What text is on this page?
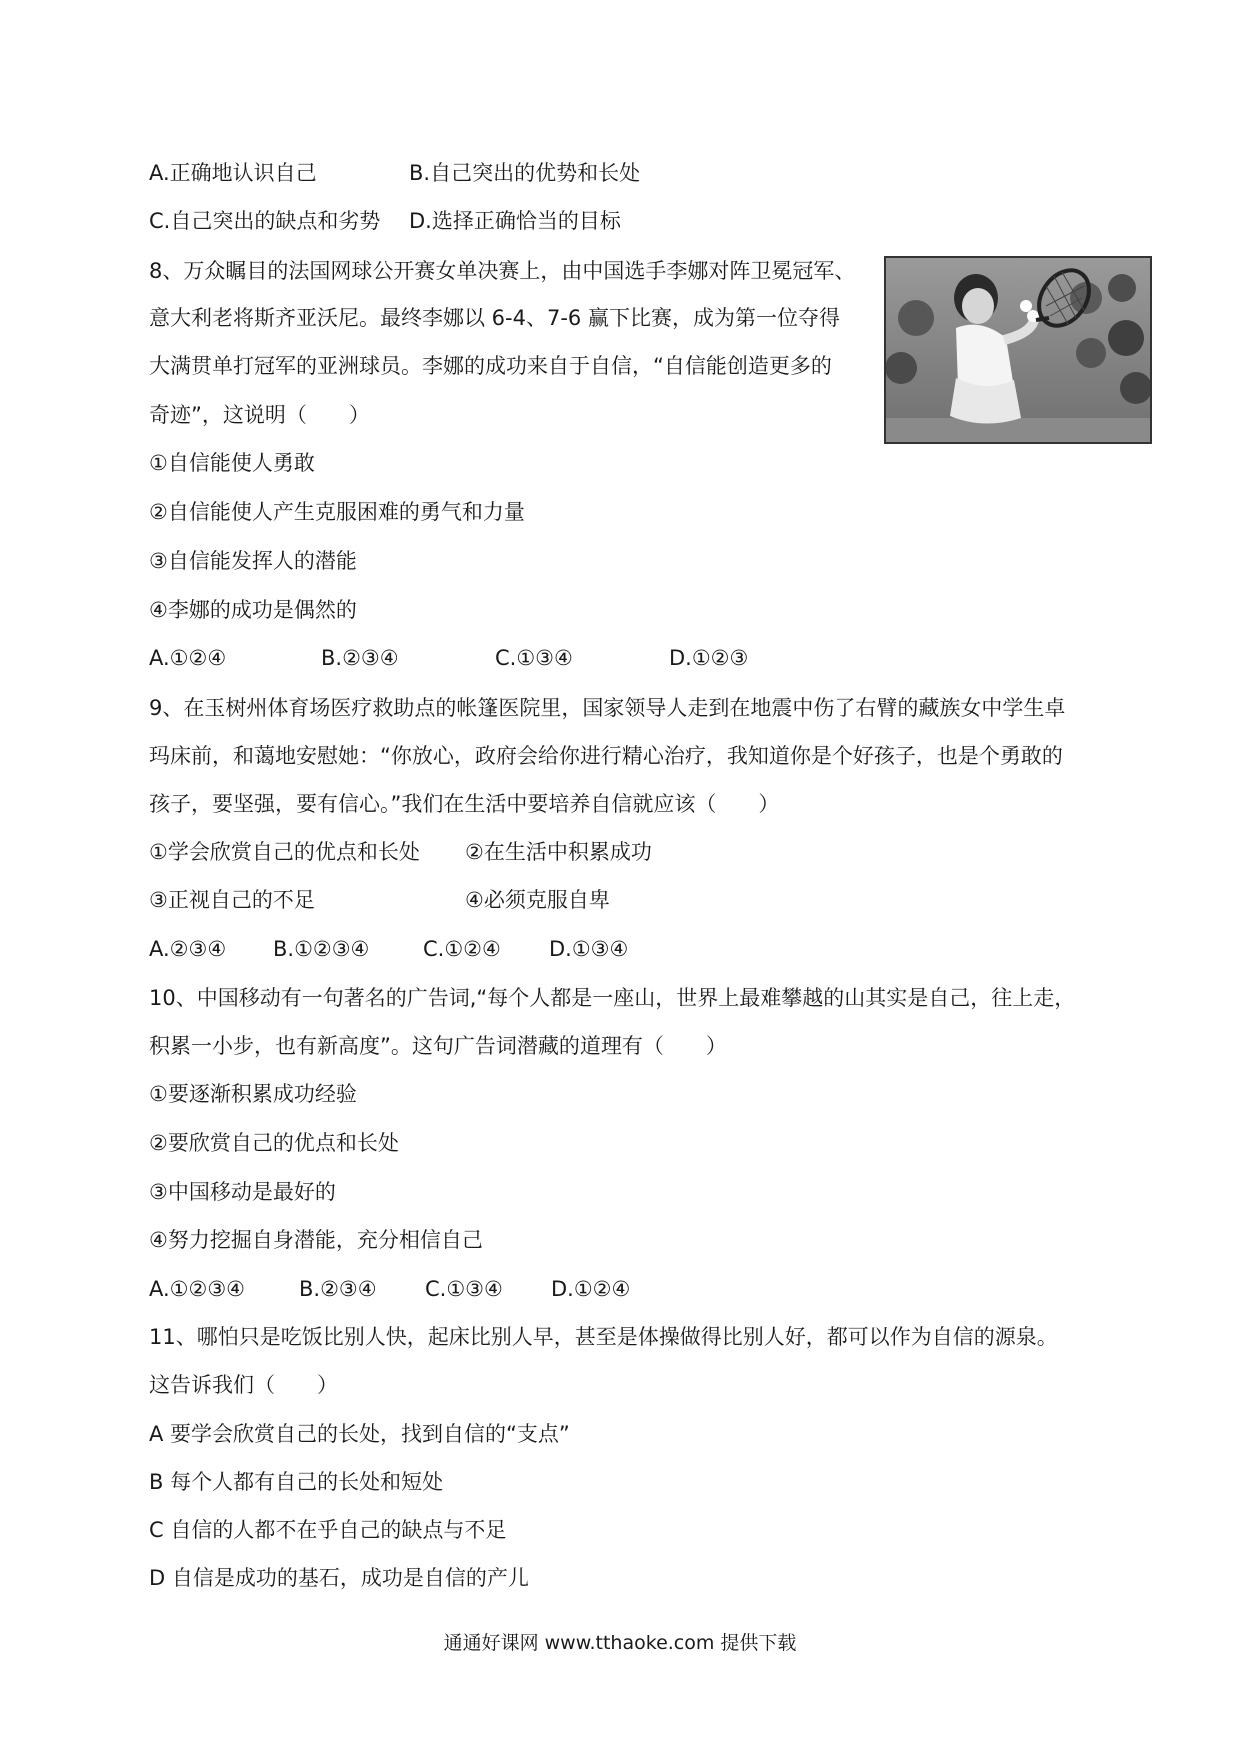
A.正确地认识自己	B.自己突出的优势和长处
C.自己突出的缺点和劣势 D.选择正确恰当的目标
8、万众瞩目的法国网球公开赛女单决赛上，由中国选手李娜对阵卫冕冠军、
意大利老将斯齐亚沃尼。最终李娜以 6-4、7-6 赢下比赛，成为第一位夺得
大满贯单打冠军的亚洲球员。李娜的成功来自于自信，“自信能创造更多的
奇迹”，这说明（　　）
①自信能使人勇敢
②自信能使人产生克服困难的勇气和力量
③自信能发挥人的潜能
④李娜的成功是偶然的
A.①②④	B.②③④	C.①③④	D.①②③
9、在玉树州体育场医疗救助点的帐篷医院里，国家领导人走到在地震中伤了右臂的藏族女中学生卓
玛床前，和蔼地安慰她：“你放心，政府会给你进行精心治疗，我知道你是个好孩子，也是个勇敢的
孩子，要坚强，要有信心。”我们在生活中要培养自信就应该（　　）
①学会欣赏自己的优点和长处 ②在生活中积累成功
③正视自己的不足	④必须克服自卑
A.②③④ B.①②③④	C.①②④ D.①③④
10、中国移动有一句著名的广告词,“每个人都是一座山，世界上最难攀越的山其实是自己，往上走，
积累一小步，也有新高度”。这句广告词潜藏的道理有（　　）
①要逐渐积累成功经验
②要欣赏自己的优点和长处
③中国移动是最好的
④努力挖掘自身潜能，充分相信自己
A.①②③④	B.②③④ C.①③④ D.①②④
11、哪怕只是吃饭比别人快，起床比别人早，甚至是体操做得比别人好，都可以作为自信的源泉。
这告诉我们（　　）
A 要学会欣赏自己的长处，找到自信的“支点”
B 每个人都有自己的长处和短处
C 自信的人都不在乎自己的缺点与不足
D 自信是成功的基石，成功是自信的产儿
通通好课网 www.tthaoke.com 提供下载
